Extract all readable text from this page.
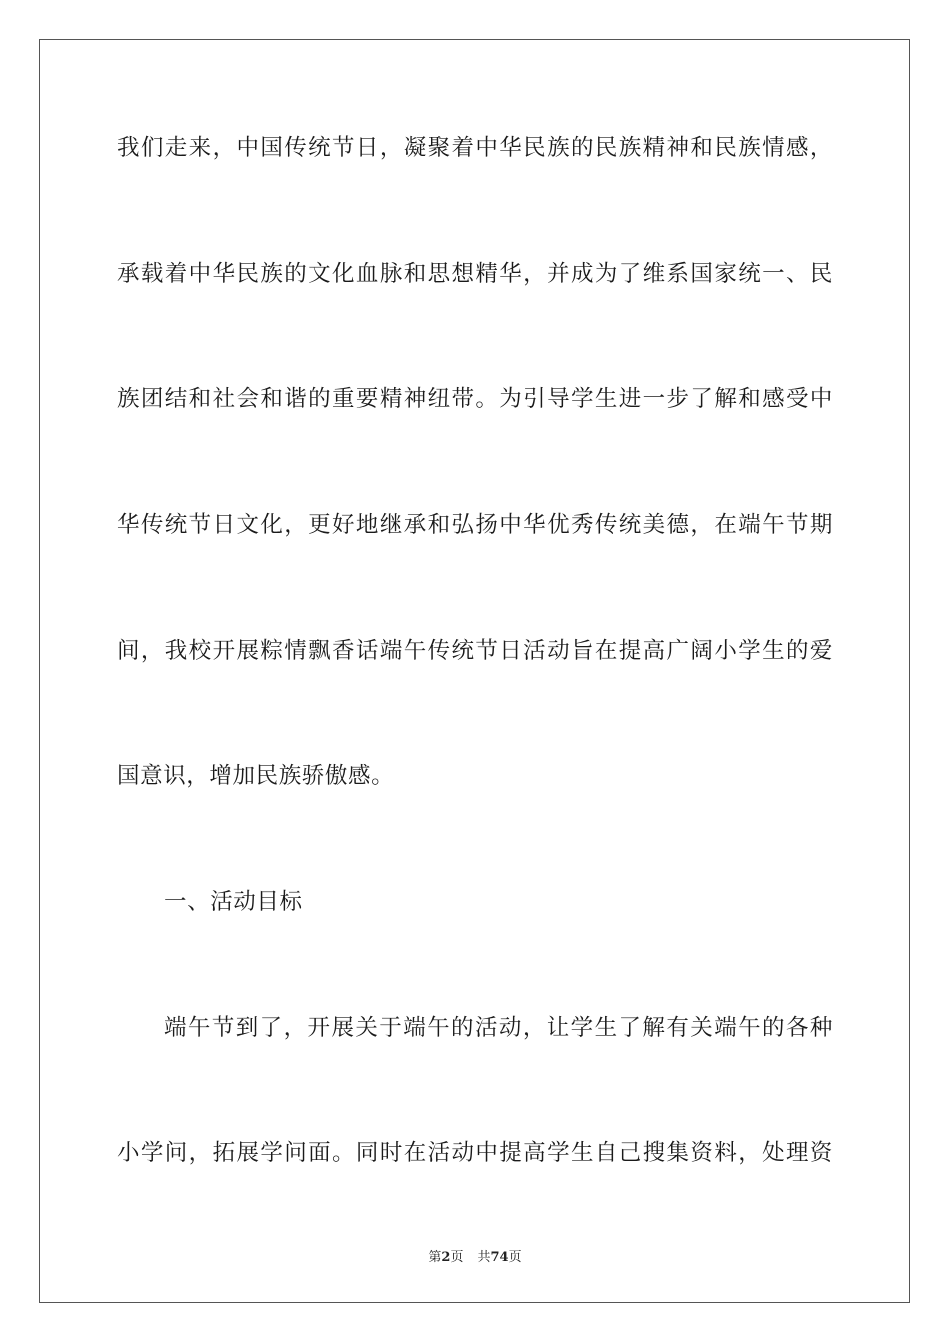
我们走来，中国传统节日，凝聚着中华民族的民族精神和民族情感，
承载着中华民族的文化血脉和思想精华，并成为了维系国家统一、民
族团结和社会和谐的重要精神纽带。为引导学生进一步了解和感受中
华传统节日文化，更好地继承和弘扬中华优秀传统美德，在端午节期
间，我校开展粽情飘香话端午传统节日活动旨在提高广阔小学生的爱
国意识，增加民族骄傲感。
一、活动目标
端午节到了，开展关于端午的活动，让学生了解有关端午的各种
小学问，拓展学问面。同时在活动中提高学生自己搜集资料，处理资
第2页 共74页
